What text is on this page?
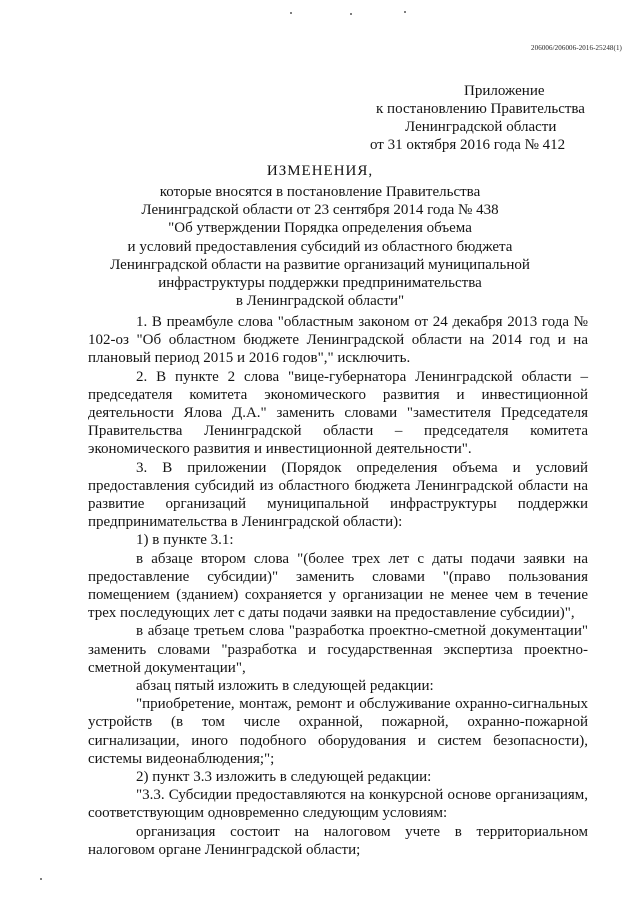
206006/206006-2016-25248(1)
Приложение
к постановлению Правительства
Ленинградской области
от 31 октября 2016 года № 412
ИЗМЕНЕНИЯ,
которые вносятся в постановление Правительства
Ленинградской области от 23 сентября 2014 года № 438
"Об утверждении Порядка определения объема
и условий предоставления субсидий из областного бюджета
Ленинградской области на развитие организаций муниципальной
инфраструктуры поддержки предпринимательства
в Ленинградской области"

1. В преамбуле слова "областным законом от 24 декабря 2013 года № 102-оз "Об областном бюджете Ленинградской области на 2014 год и на плановый период 2015 и 2016 годов"," исключить.

2. В пункте 2 слова "вице-губернатора Ленинградской области – председателя комитета экономического развития и инвестиционной деятельности Ялова Д.А." заменить словами "заместителя Председателя Правительства Ленинградской области – председателя комитета экономического развития и инвестиционной деятельности".

3. В приложении (Порядок определения объема и условий предоставления субсидий из областного бюджета Ленинградской области на развитие организаций муниципальной инфраструктуры поддержки предпринимательства в Ленинградской области):

1) в пункте 3.1:

в абзаце втором слова "(более трех лет с даты подачи заявки на предоставление субсидии)" заменить словами "(право пользования помещением (зданием) сохраняется у организации не менее чем в течение трех последующих лет с даты подачи заявки на предоставление субсидии)",

в абзаце третьем слова "разработка проектно-сметной документации" заменить словами "разработка и государственная экспертиза проектно-сметной документации",

абзац пятый изложить в следующей редакции:

"приобретение, монтаж, ремонт и обслуживание охранно-сигнальных устройств (в том числе охранной, пожарной, охранно-пожарной сигнализации, иного подобного оборудования и систем безопасности), системы видеонаблюдения;";

2) пункт 3.3 изложить в следующей редакции:

"3.3. Субсидии предоставляются на конкурсной основе организациям, соответствующим одновременно следующим условиям:

организация состоит на налоговом учете в территориальном налоговом органе Ленинградской области;
